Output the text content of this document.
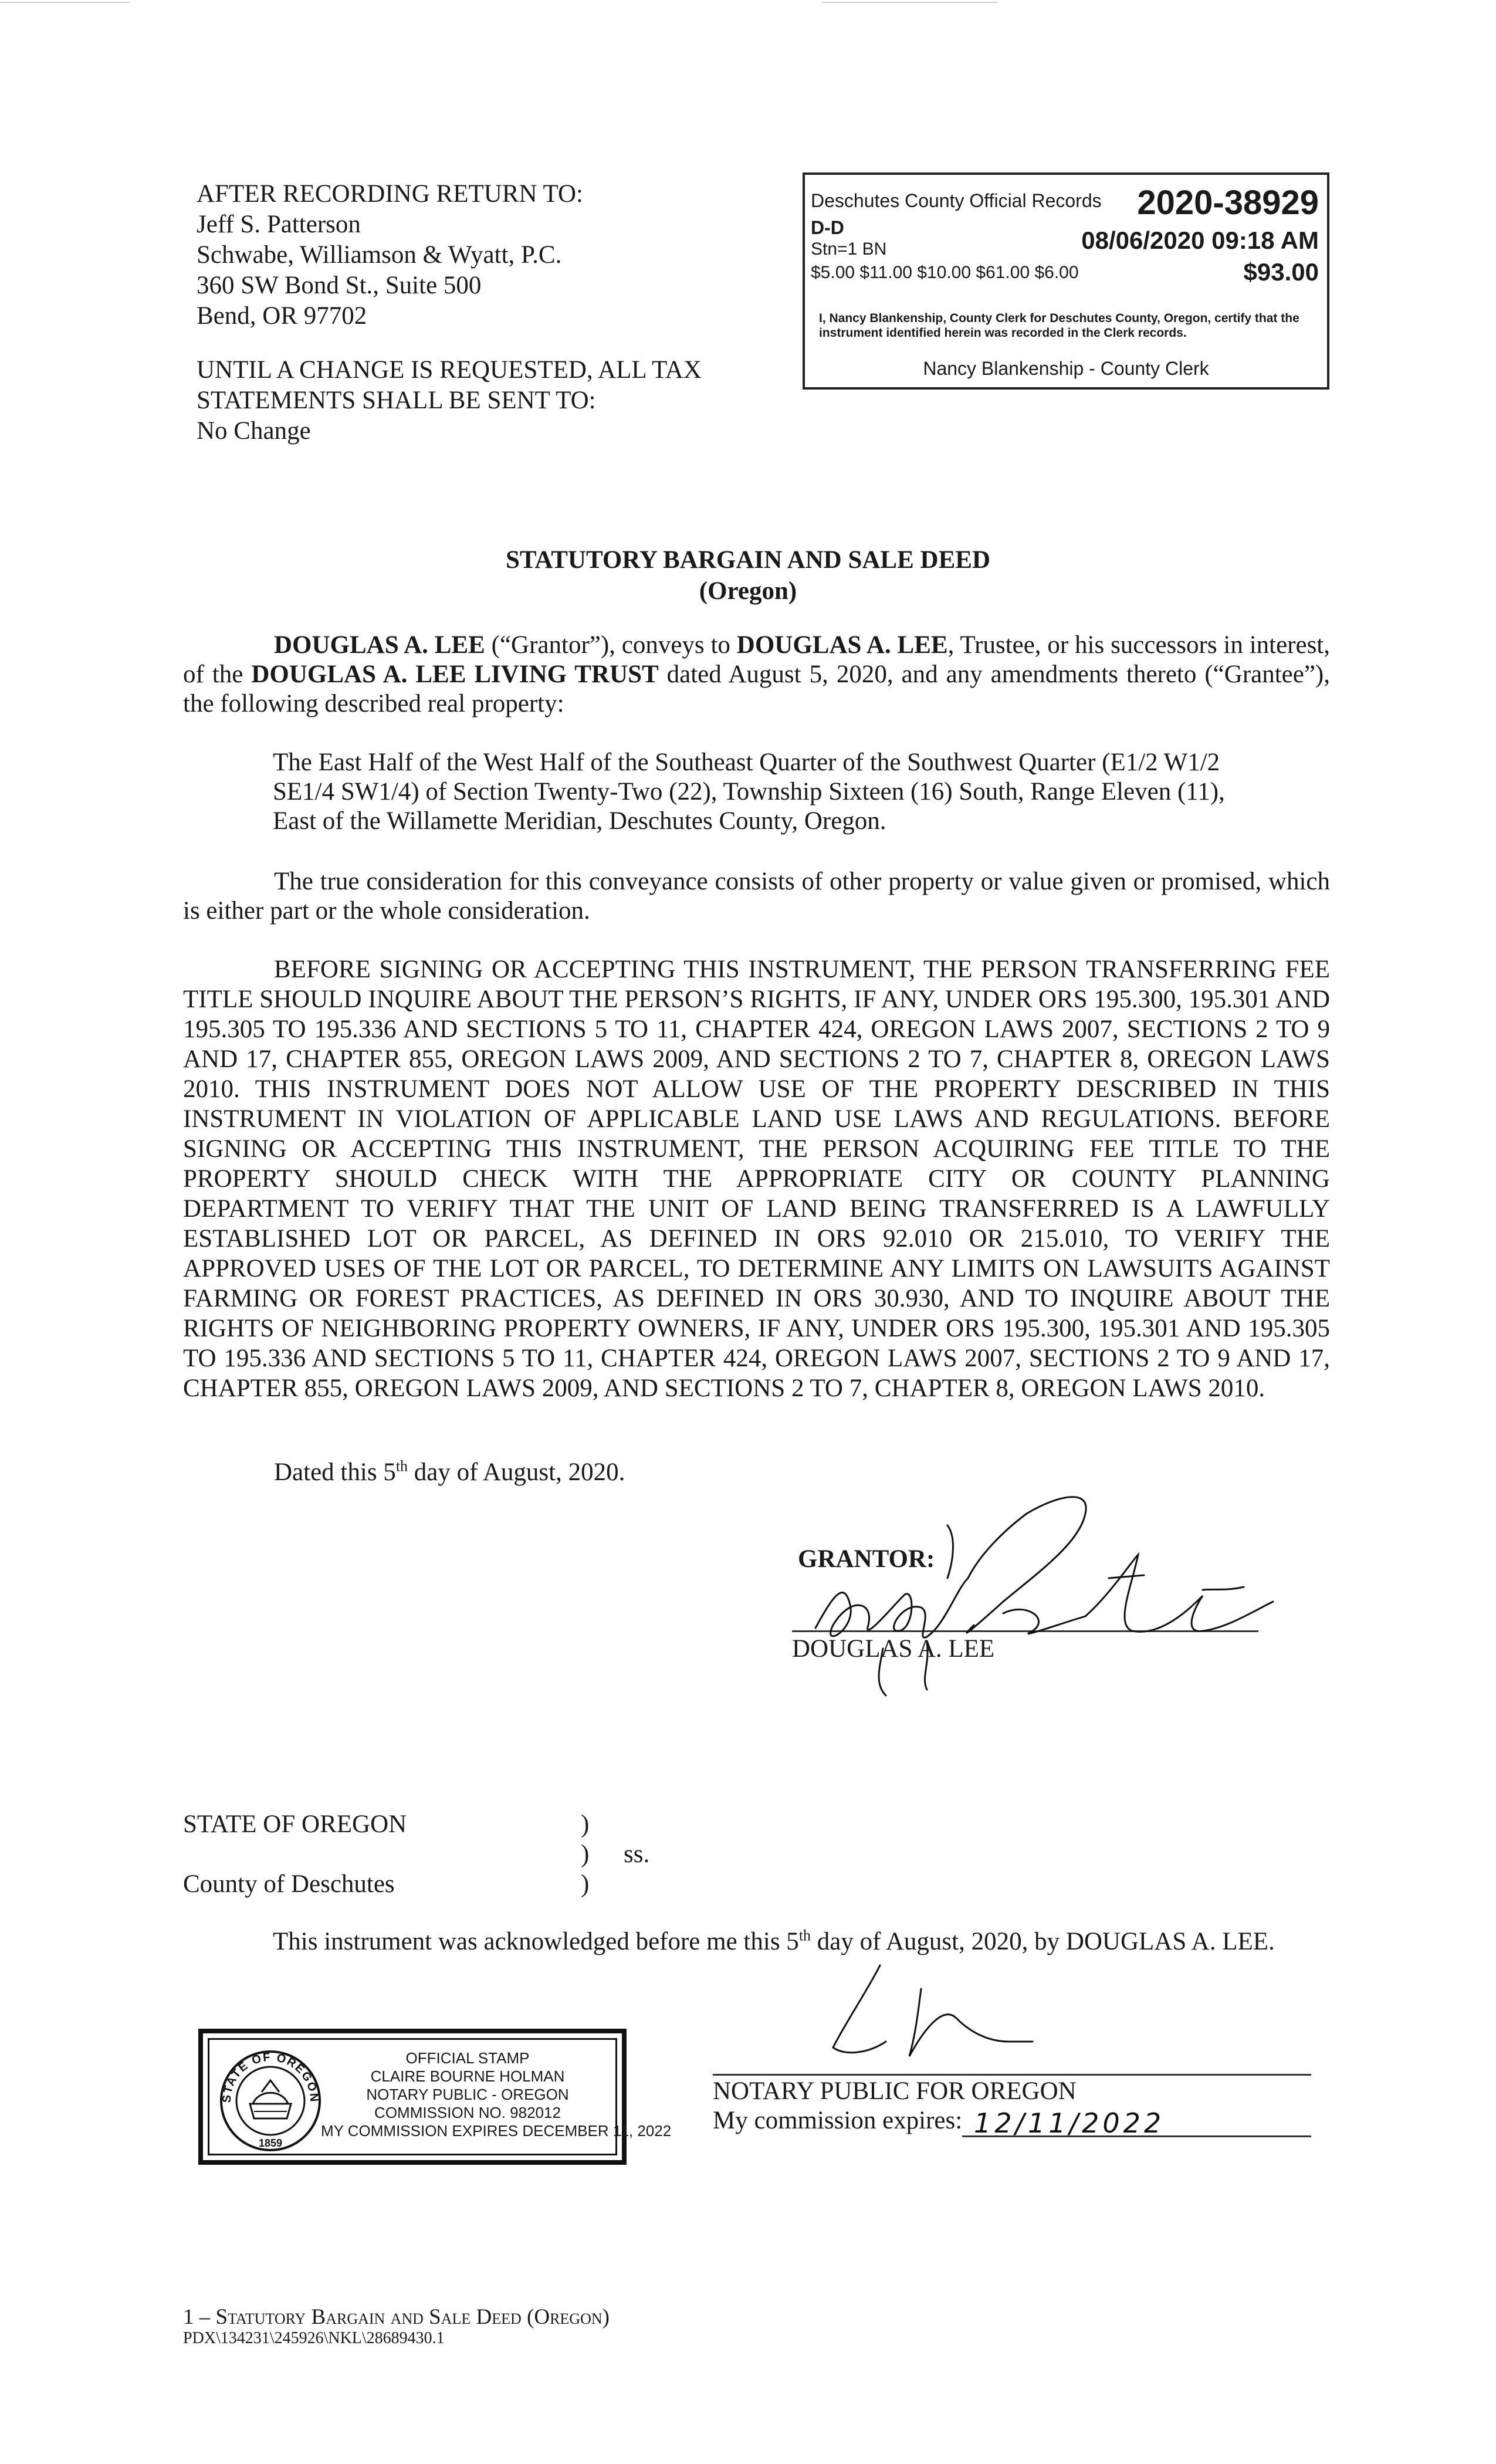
AFTER RECORDING RETURN TO:
Jeff S. Patterson
Schwabe, Williamson & Wyatt, P.C.
360 SW Bond St., Suite 500
Bend, OR 97702
UNTIL A CHANGE IS REQUESTED, ALL TAX
STATEMENTS SHALL BE SENT TO:
No Change
Deschutes County Official Records 2020-38929
D-D
Stn=1 BN	08/06/2020 09:18 AM
$5.00 $11.00 $10.00 $61.00 $6.00	$93.00
I, Nancy Blankenship, County Clerk for Deschutes County, Oregon, certify that the instrument identified herein was recorded in the Clerk records.
Nancy Blankenship - County Clerk
STATUTORY BARGAIN AND SALE DEED
(Oregon)
DOUGLAS A. LEE (“Grantor”), conveys to DOUGLAS A. LEE, Trustee, or his successors in interest, of the DOUGLAS A. LEE LIVING TRUST dated August 5, 2020, and any amendments thereto (“Grantee”), the following described real property:
The East Half of the West Half of the Southeast Quarter of the Southwest Quarter (E1/2 W1/2 SE1/4 SW1/4) of Section Twenty-Two (22), Township Sixteen (16) South, Range Eleven (11), East of the Willamette Meridian, Deschutes County, Oregon.
The true consideration for this conveyance consists of other property or value given or promised, which is either part or the whole consideration.
BEFORE SIGNING OR ACCEPTING THIS INSTRUMENT, THE PERSON TRANSFERRING FEE TITLE SHOULD INQUIRE ABOUT THE PERSON’S RIGHTS, IF ANY, UNDER ORS 195.300, 195.301 AND 195.305 TO 195.336 AND SECTIONS 5 TO 11, CHAPTER 424, OREGON LAWS 2007, SECTIONS 2 TO 9 AND 17, CHAPTER 855, OREGON LAWS 2009, AND SECTIONS 2 TO 7, CHAPTER 8, OREGON LAWS 2010. THIS INSTRUMENT DOES NOT ALLOW USE OF THE PROPERTY DESCRIBED IN THIS INSTRUMENT IN VIOLATION OF APPLICABLE LAND USE LAWS AND REGULATIONS. BEFORE SIGNING OR ACCEPTING THIS INSTRUMENT, THE PERSON ACQUIRING FEE TITLE TO THE PROPERTY SHOULD CHECK WITH THE APPROPRIATE CITY OR COUNTY PLANNING DEPARTMENT TO VERIFY THAT THE UNIT OF LAND BEING TRANSFERRED IS A LAWFULLY ESTABLISHED LOT OR PARCEL, AS DEFINED IN ORS 92.010 OR 215.010, TO VERIFY THE APPROVED USES OF THE LOT OR PARCEL, TO DETERMINE ANY LIMITS ON LAWSUITS AGAINST FARMING OR FOREST PRACTICES, AS DEFINED IN ORS 30.930, AND TO INQUIRE ABOUT THE RIGHTS OF NEIGHBORING PROPERTY OWNERS, IF ANY, UNDER ORS 195.300, 195.301 AND 195.305 TO 195.336 AND SECTIONS 5 TO 11, CHAPTER 424, OREGON LAWS 2007, SECTIONS 2 TO 9 AND 17, CHAPTER 855, OREGON LAWS 2009, AND SECTIONS 2 TO 7, CHAPTER 8, OREGON LAWS 2010.
Dated this 5th day of August, 2020.
GRANTOR:
DOUGLAS A. LEE
STATE OF OREGON
County of Deschutes
)
)
)
ss.
This instrument was acknowledged before me this 5th day of August, 2020, by DOUGLAS A. LEE.
STATE OF OREGON
1859
OFFICIAL STAMP
CLAIRE BOURNE HOLMAN
NOTARY PUBLIC - OREGON
COMMISSION NO. 982012
MY COMMISSION EXPIRES DECEMBER 11, 2022
NOTARY PUBLIC FOR OREGON
My commission expires: 12/11/2022
1 – Statutory Bargain and Sale Deed (Oregon)
PDX\134231\245926\NKL\28689430.1
